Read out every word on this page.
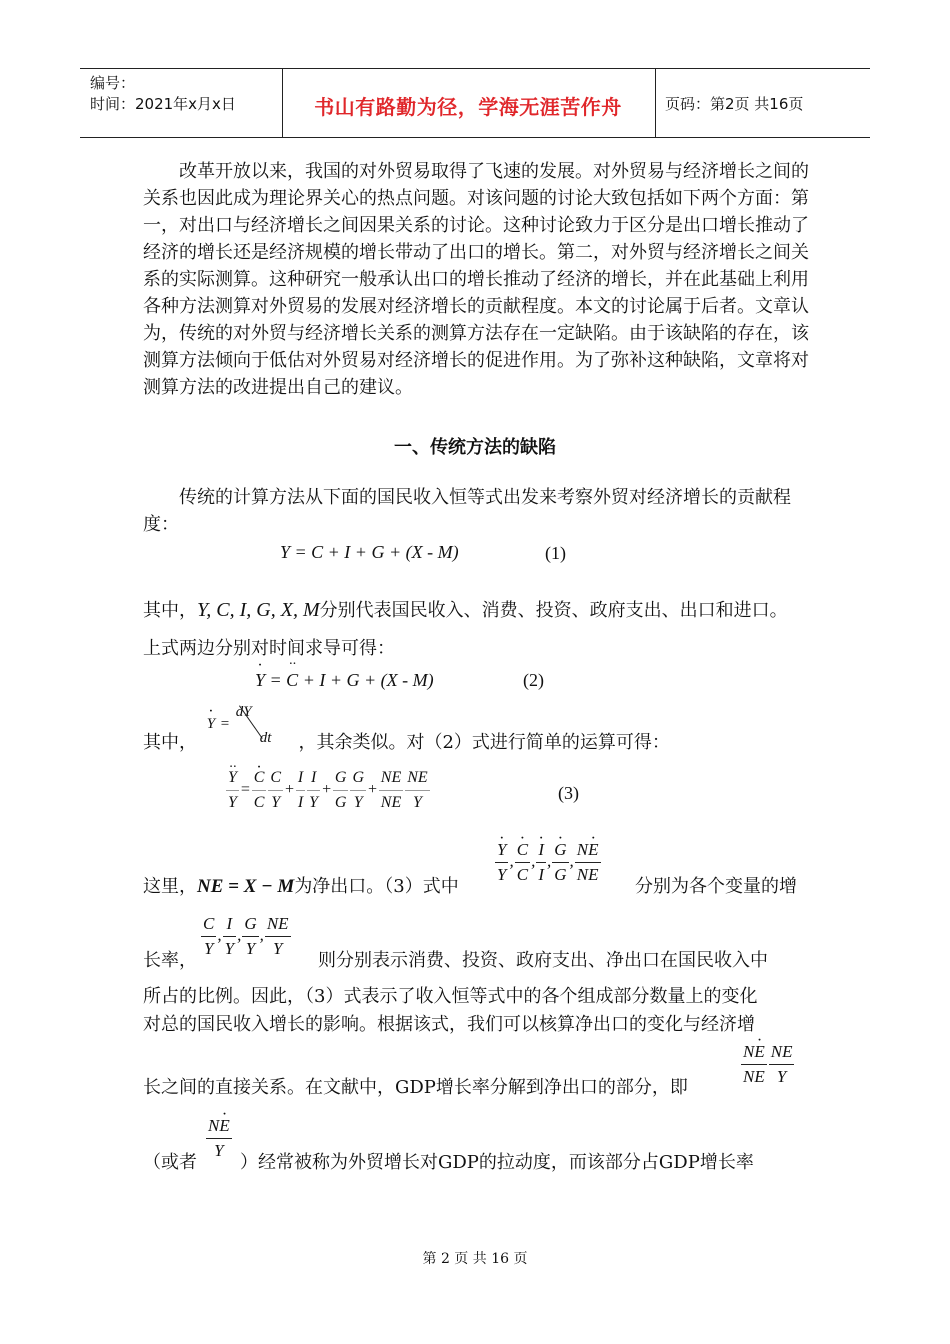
编号：
时间：2021年x月x日	书山有路勤为径，学海无涯苦作舟	页码：第2页 共16页
改革开放以来，我国的对外贸易取得了飞速的发展。对外贸易与经济增长之间的关系也因此成为理论界关心的热点问题。对该问题的讨论大致包括如下两个方面：第一，对出口与经济增长之间因果关系的讨论。这种讨论致力于区分是出口增长推动了经济的增长还是经济规模的增长带动了出口的增长。第二，对外贸与经济增长之间关系的实际测算。这种研究一般承认出口的增长推动了经济的增长，并在此基础上利用各种方法测算对外贸易的发展对经济增长的贡献程度。本文的讨论属于后者。文章认为，传统的对外贸与经济增长关系的测算方法存在一定缺陷。由于该缺陷的存在，该测算方法倾向于低估对外贸易对经济增长的促进作用。为了弥补这种缺陷，文章将对测算方法的改进提出自己的建议。
一、传统方法的缺陷
传统的计算方法从下面的国民收入恒等式出发来考察外贸对经济增长的贡献程度：
Y = C + I + G + (X - M)	(1)
其中，Y, C, I, G, X, M分别代表国民收入、消费、投资、政府支出、出口和进口。
上式两边分别对时间求导可得：
· Y = ·· C + I + G + (X - M)	(2)
其中，
· Y =
dY
dt ，其余类似。对（2）式进行简单的运算可得：
·· $\frac{Y}{Y}$ = · $\frac{C}{C} \frac{C}{Y} + \frac{I}{I} \frac{I}{Y} + \frac{G}{G} \frac{G}{Y} + \frac{NE}{NE} \frac{NE}{Y}$	(3)
这里，NE = X − M为净出口。（3）式中 · $\frac{Y}{Y}$ , · $\frac{C}{C}$ , · $\frac{I}{I}$ , · $\frac{G}{G}$ , $\frac{N\cdot E}{NE}$ 分别为各个变量的增
长率， $\frac{C}{Y}$ , $\frac{I}{Y}$ , $\frac{G}{Y}$ , $\frac{NE}{Y}$ 则分别表示消费、投资、政府支出、净出口在国民收入中
所占的比例。因此，（3）式表示了收入恒等式中的各个组成部分数量上的变化
对总的国民收入增长的影响。根据该式，我们可以核算净出口的变化与经济增
长之间的直接关系。在文献中，GDP增长率分解到净出口的部分，即	$\frac{N\cdot E}{NE} \frac{NE}{Y}$
（或者 $\frac{N\cdot E}{Y}$ ）经常被称为外贸增长对GDP的拉动度，而该部分占GDP增长率
第 2 页 共 16 页
